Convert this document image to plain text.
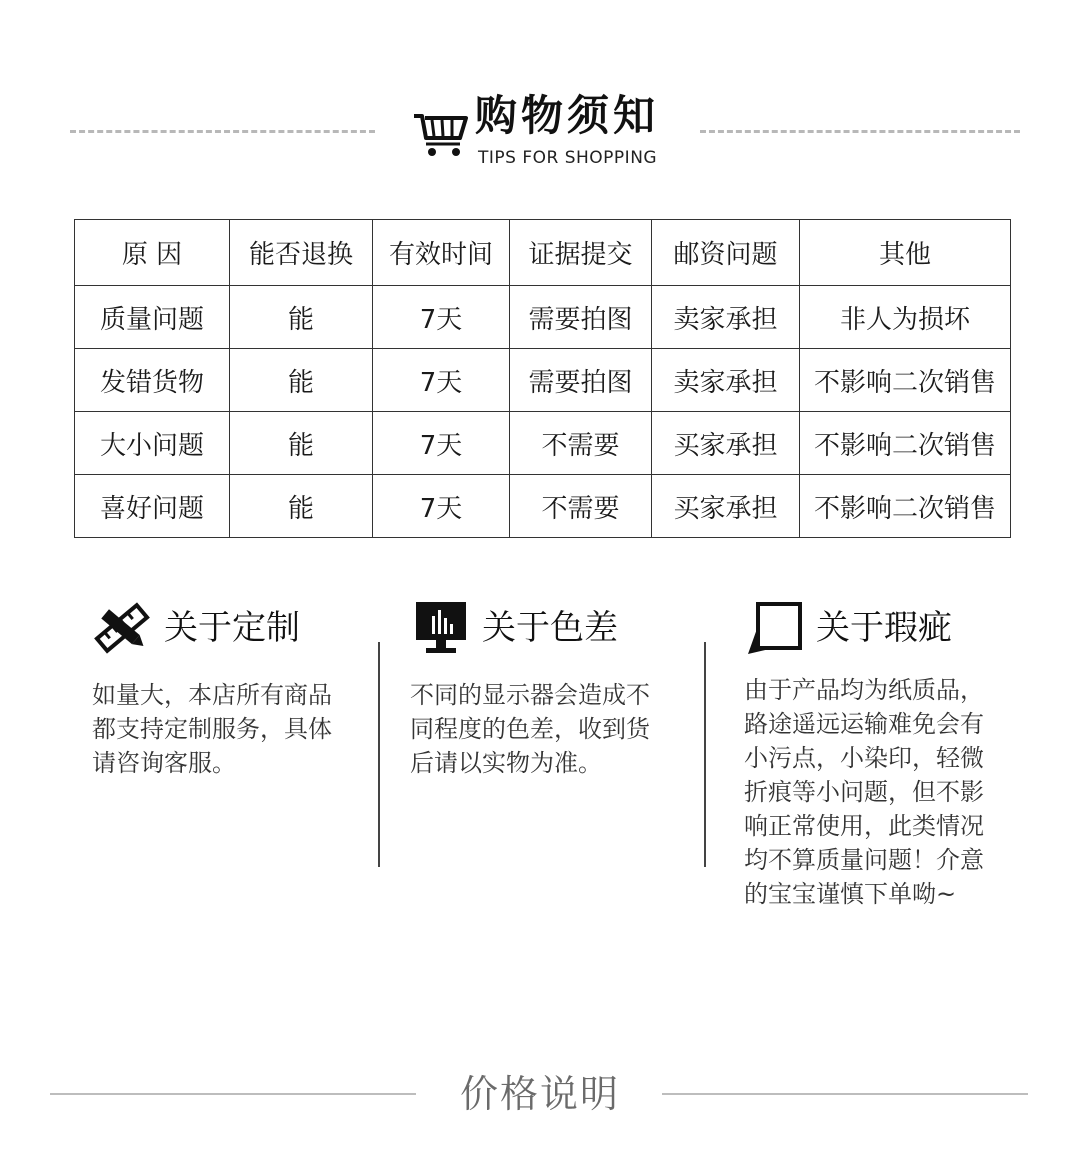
购物须知
TIPS FOR SHOPPING
原 因	能否退换	有效时间	证据提交	邮资问题	其他
质量问题	能	7天	需要拍图	卖家承担	非人为损坏
发错货物	能	7天	需要拍图	卖家承担	不影响二次销售
大小问题	能	7天	不需要	买家承担	不影响二次销售
喜好问题	能	7天	不需要	买家承担	不影响二次销售
关于定制
如量大，本店所有商品
都支持定制服务，具体
请咨询客服。
关于色差
不同的显示器会造成不
同程度的色差，收到货
后请以实物为准。
关于瑕疵
由于产品均为纸质品，
路途遥远运输难免会有
小污点，小染印，轻微
折痕等小问题，但不影
响正常使用，此类情况
均不算质量问题！介意
的宝宝谨慎下单呦~
价格说明
